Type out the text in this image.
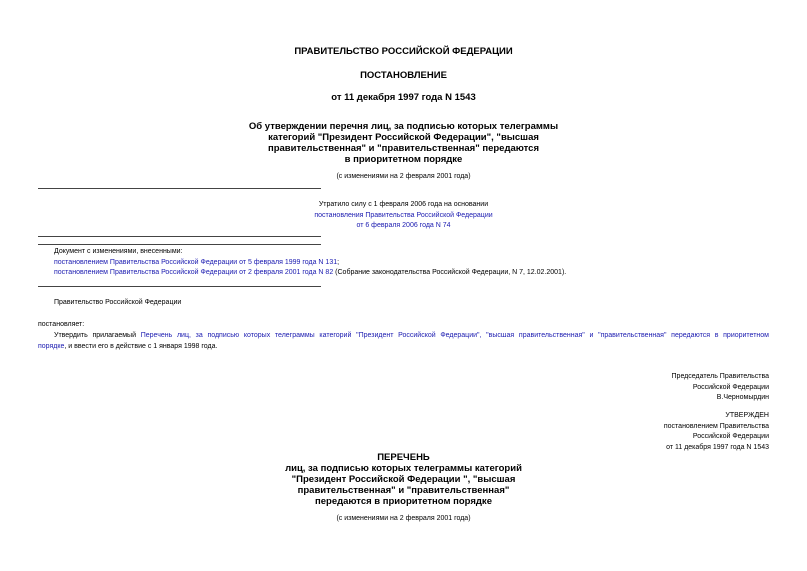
ПРАВИТЕЛЬСТВО РОССИЙСКОЙ ФЕДЕРАЦИИ
ПОСТАНОВЛЕНИЕ
от 11 декабря 1997 года N 1543
Об утверждении перечня лиц, за подписью которых телеграммы
категорий "Президент Российской Федерации", "высшая
правительственная" и "правительственная" передаются
в приоритетном порядке
(с изменениями на 2 февраля 2001 года)
Утратило силу с 1 февраля 2006 года на основании
постановления Правительства Российской Федерации
от 6 февраля 2006 года N 74
Документ с изменениями, внесенными:
постановлением Правительства Российской Федерации от 5 февраля 1999 года N 131;
постановлением Правительства Российской Федерации от 2 февраля 2001 года N 82 (Собрание законодательства Российской Федерации, N 7, 12.02.2001).
Правительство Российской Федерации
постановляет:
Утвердить прилагаемый Перечень лиц, за подписью которых телеграммы категорий "Президент Российской Федерации", "высшая правительственная" и "правительственная" передаются в приоритетном
порядке, и ввести его в действие с 1 января 1998 года.
Председатель Правительства
Российской Федерации
В.Черномырдин
УТВЕРЖДЕН
постановлением Правительства
Российской Федерации
от 11 декабря 1997 года N 1543
ПЕРЕЧЕНЬ
лиц, за подписью которых телеграммы категорий
"Президент Российской Федерации ", "высшая
правительственная" и "правительственная"
передаются в приоритетном порядке
(с изменениями на 2 февраля 2001 года)
